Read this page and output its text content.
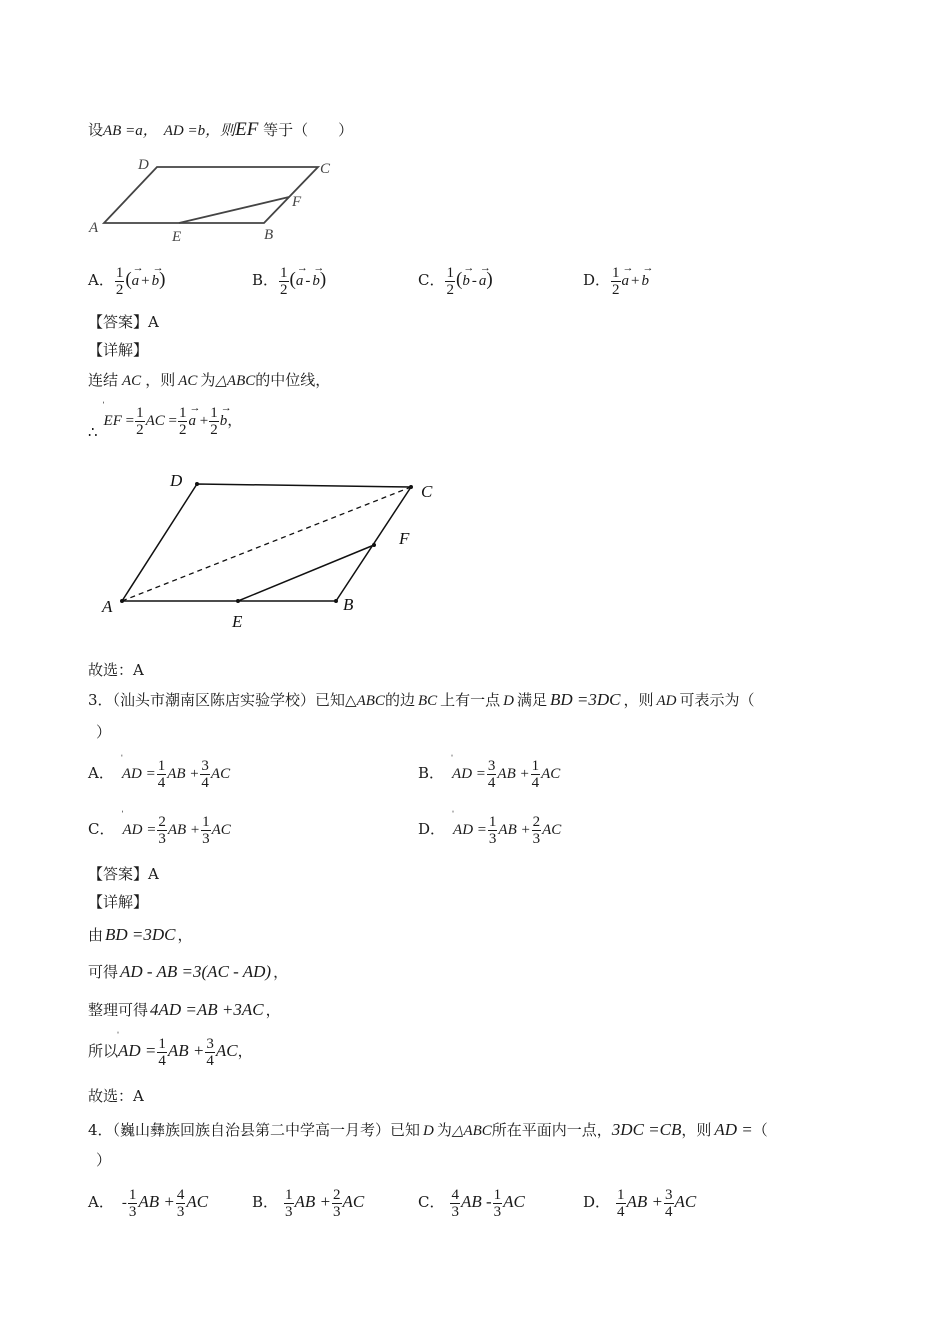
设AB =a， AD =b，则EF 等于（　　）
D	C
A
E	B
F
A． $\frac{1}{2}$ (→ a +→ b)	B． $\frac{1}{2}$ (→ a -→ b)	C． $\frac{1}{2}$ (→ b -→ a)	D． $\frac{1}{2}$
→ a +→ b
【答案】A
【详解】
连结 AC ，则 AC 为△ABC的中位线，
∴ˈ EF = $\frac{1}{2}$ AC = $\frac{1}{2}$
→ $a + \frac{1}{2}$
→ b，
D
C
A
E
B
F
故选：A
3．（汕头市潮南区陈店实验学校）已知△ABC的边 BC 上有一点 D 满足 BD =3DC ，则 AD 可表示为（
）
A．ˈ AD = $\frac{1}{4}$ AB + $\frac{3}{4}$ AC	B．ˈ AD = $\frac{3}{4}$ AB + $\frac{1}{4}$ AC
C．ˈ AD = $\frac{2}{3}$ AB + $\frac{1}{3}$ AC	D．ˈ AD = $\frac{1}{3}$ AB + $\frac{2}{3}$ AC
【答案】A
【详解】
由 BD =3DC ，
可得 AD - AB =3(AC - AD) ，
整理可得 4AD =AB +3AC ，
所以ˈ AD = $\frac{1}{4}$ AB + $\frac{3}{4}$ AC，
故选：A
4．（巍山彝族回族自治县第二中学高一月考）已知 D 为△ABC所在平面内一点，3DC =CB，则 AD =（
）
A． - $\frac{1}{3}$ AB + $\frac{4}{3}$ AC	B． $\frac{1}{3}$ AB + $\frac{2}{3}$ AC	C． $\frac{4}{3}$ AB - $\frac{1}{3}$ AC	D． $\frac{1}{4}$ AB + $\frac{3}{4}$ AC
